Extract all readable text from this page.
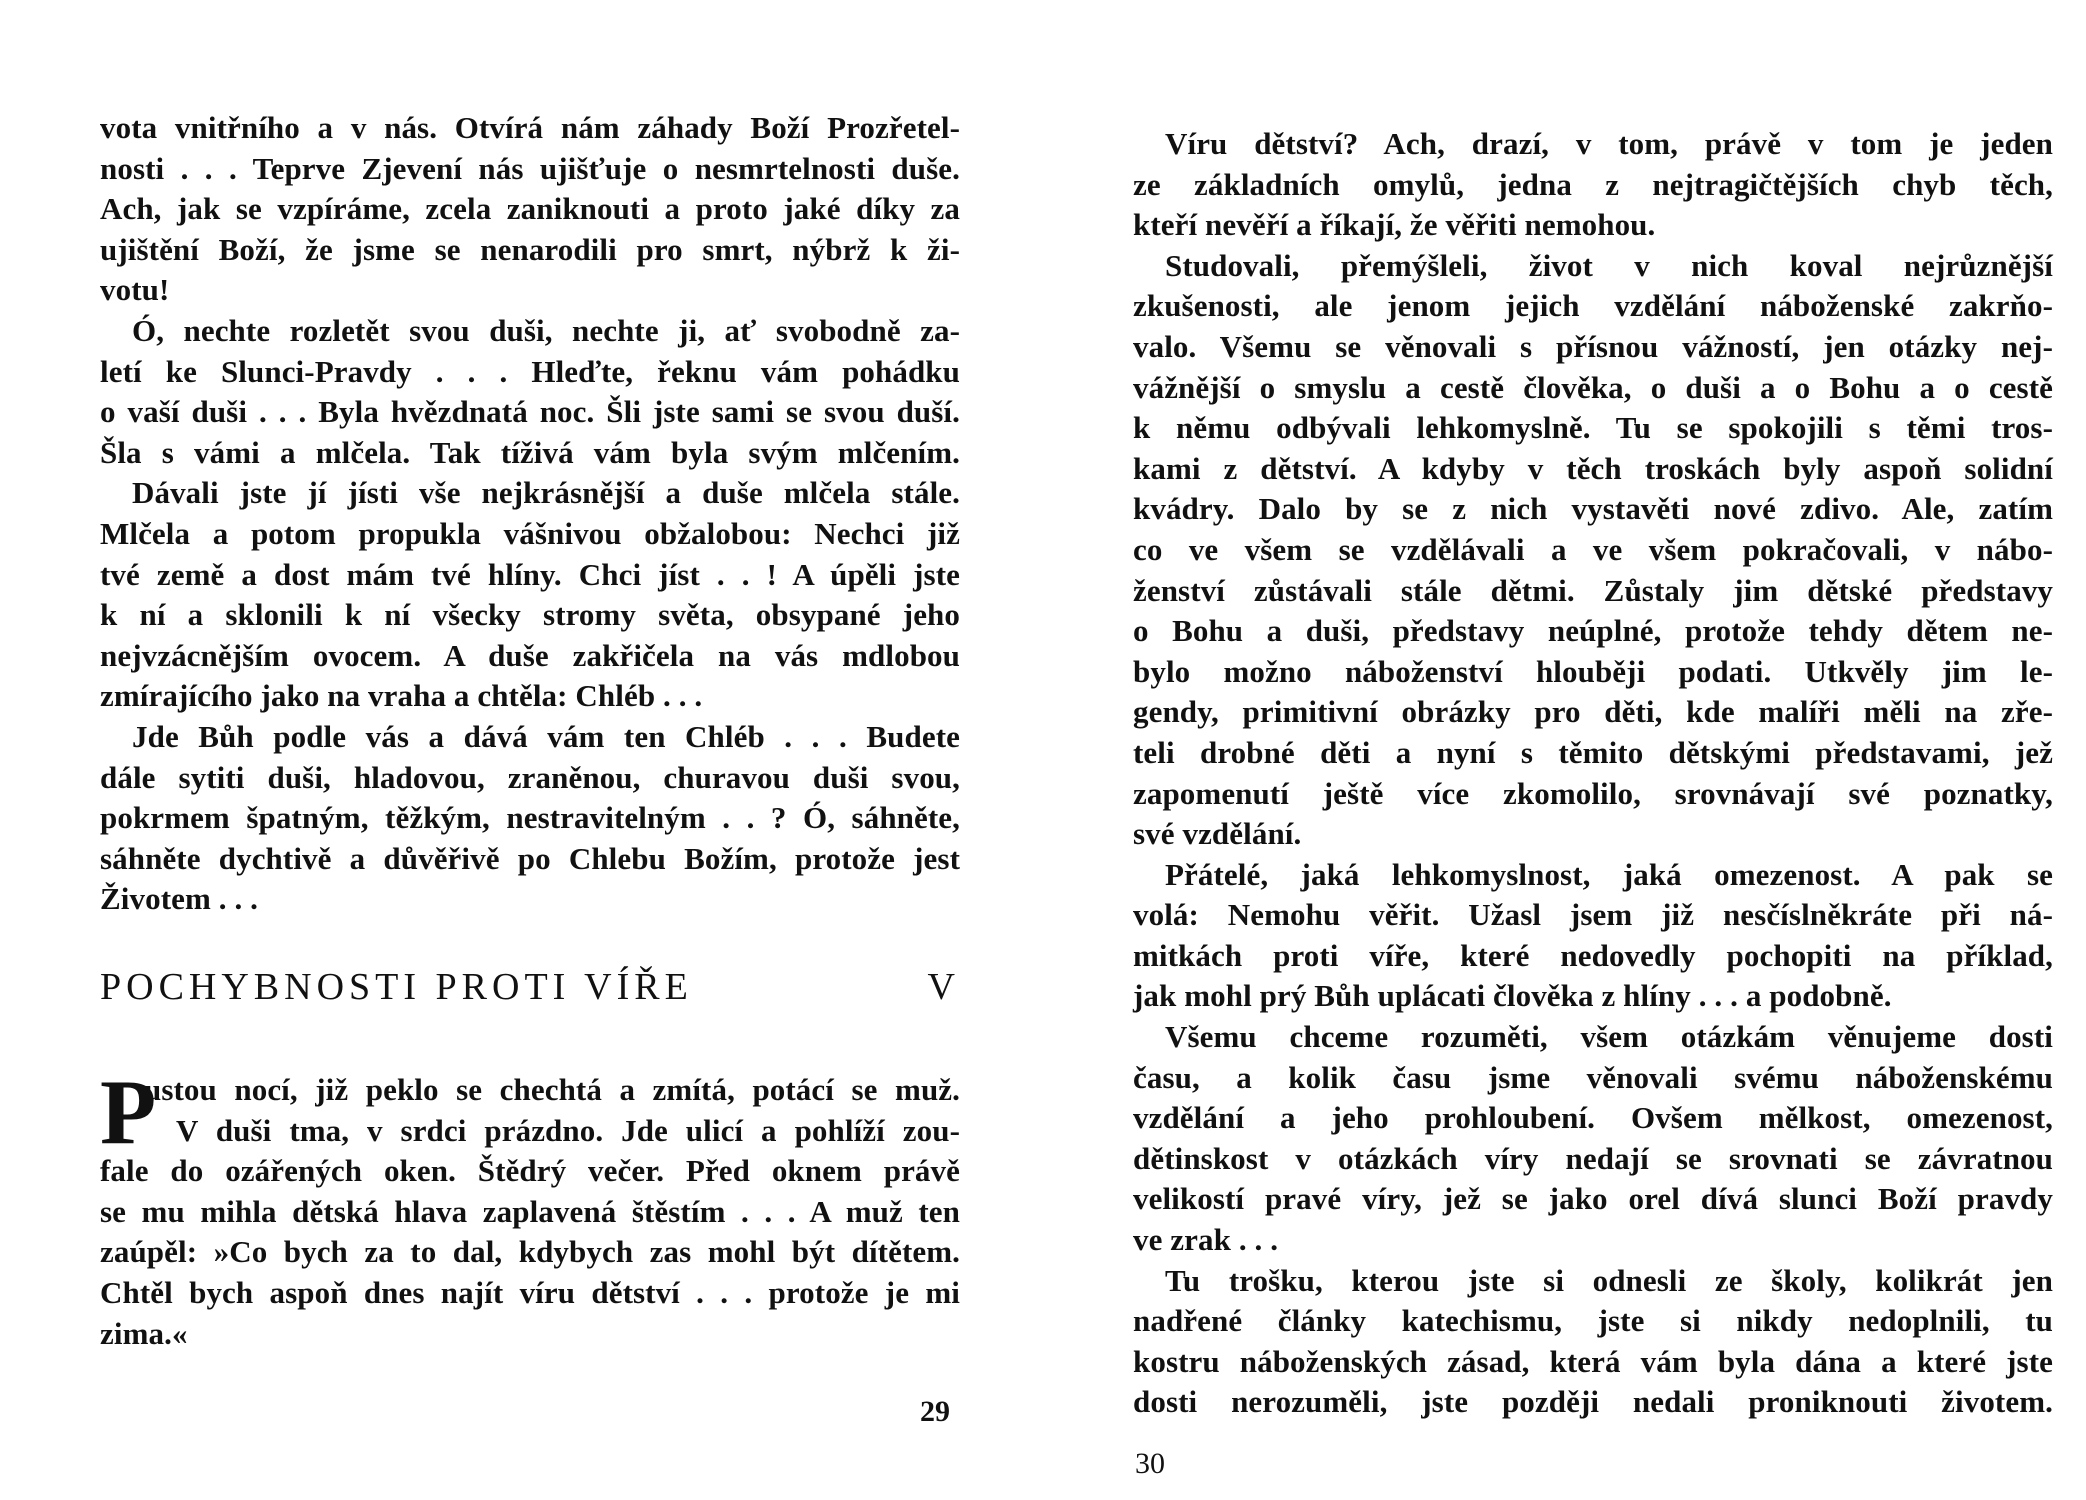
vota vnitřního a v nás. Otvírá nám záhady Boží Prozřetel-
nosti . . . Teprve Zjevení nás ujišťuje o nesmrtelnosti duše.
Ach, jak se vzpíráme, zcela zaniknouti a proto jaké díky za
ujištění Boží, že jsme se nenarodili pro smrt, nýbrž k ži-
votu!
Ó, nechte rozletět svou duši, nechte ji, ať svobodně za-
letí ke Slunci-Pravdy . . . Hleďte, řeknu vám pohádku
o vaší duši . . . Byla hvězdnatá noc. Šli jste sami se svou duší.
Šla s vámi a mlčela. Tak tíživá vám byla svým mlčením.
Dávali jste jí jísti vše nejkrásnější a duše mlčela stále.
Mlčela a potom propukla vášnivou obžalobou: Nechci již
tvé země a dost mám tvé hlíny. Chci jíst . . ! A úpěli jste
k ní a sklonili k ní všecky stromy světa, obsypané jeho
nejvzácnějším ovocem. A duše zakřičela na vás mdlobou
zmírajícího jako na vraha a chtěla: Chléb . . .
Jde Bůh podle vás a dává vám ten Chléb . . . Budete
dále sytiti duši, hladovou, zraněnou, churavou duši svou,
pokrmem špatným, těžkým, nestravitelným . . ? Ó, sáhněte,
sáhněte dychtivě a důvěřivě po Chlebu Božím, protože jest
Životem . . .
POCHYBNOSTI PROTI VÍŘE	V
P
ustou nocí, již peklo se chechtá a zmítá, potácí se muž.
V duši tma, v srdci prázdno. Jde ulicí a pohlíží zou-
fale do ozářených oken. Štědrý večer. Před oknem právě
se mu mihla dětská hlava zaplavená štěstím . . . A muž ten
zaúpěl: »Co bych za to dal, kdybych zas mohl být dítětem.
Chtěl bych aspoň dnes najít víru dětství . . . protože je mi
zima.«
29
Víru dětství? Ach, drazí, v tom, právě v tom je jeden
ze základních omylů, jedna z nejtragičtějších chyb těch,
kteří nevěří a říkají, že věřiti nemohou.
Studovali, přemýšleli, život v nich koval nejrůznější
zkušenosti, ale jenom jejich vzdělání náboženské zakrňo-
valo. Všemu se věnovali s přísnou vážností, jen otázky nej-
vážnější o smyslu a cestě člověka, o duši a o Bohu a o cestě
k němu odbývali lehkomyslně. Tu se spokojili s těmi tros-
kami z dětství. A kdyby v těch troskách byly aspoň solidní
kvádry. Dalo by se z nich vystavěti nové zdivo. Ale, zatím
co ve všem se vzdělávali a ve všem pokračovali, v nábo-
ženství zůstávali stále dětmi. Zůstaly jim dětské představy
o Bohu a duši, představy neúplné, protože tehdy dětem ne-
bylo možno náboženství hlouběji podati. Utkvěly jim le-
gendy, primitivní obrázky pro děti, kde malíři měli na zře-
teli drobné děti a nyní s těmito dětskými představami, jež
zapomenutí ještě více zkomolilo, srovnávají své poznatky,
své vzdělání.
Přátelé, jaká lehkomyslnost, jaká omezenost. A pak se
volá: Nemohu věřit. Užasl jsem již nesčíslněkráte při ná-
mitkách proti víře, které nedovedly pochopiti na příklad,
jak mohl prý Bůh uplácati člověka z hlíny . . . a podobně.
Všemu chceme rozuměti, všem otázkám věnujeme dosti
času, a kolik času jsme věnovali svému náboženskému
vzdělání a jeho prohloubení. Ovšem mělkost, omezenost,
dětinskost v otázkách víry nedají se srovnati se závratnou
velikostí pravé víry, jež se jako orel dívá slunci Boží pravdy
ve zrak . . .
Tu trošku, kterou jste si odnesli ze školy, kolikrát jen
nadřené články katechismu, jste si nikdy nedoplnili, tu
kostru náboženských zásad, která vám byla dána a které jste
dosti nerozuměli, jste později nedali proniknouti životem.
30
